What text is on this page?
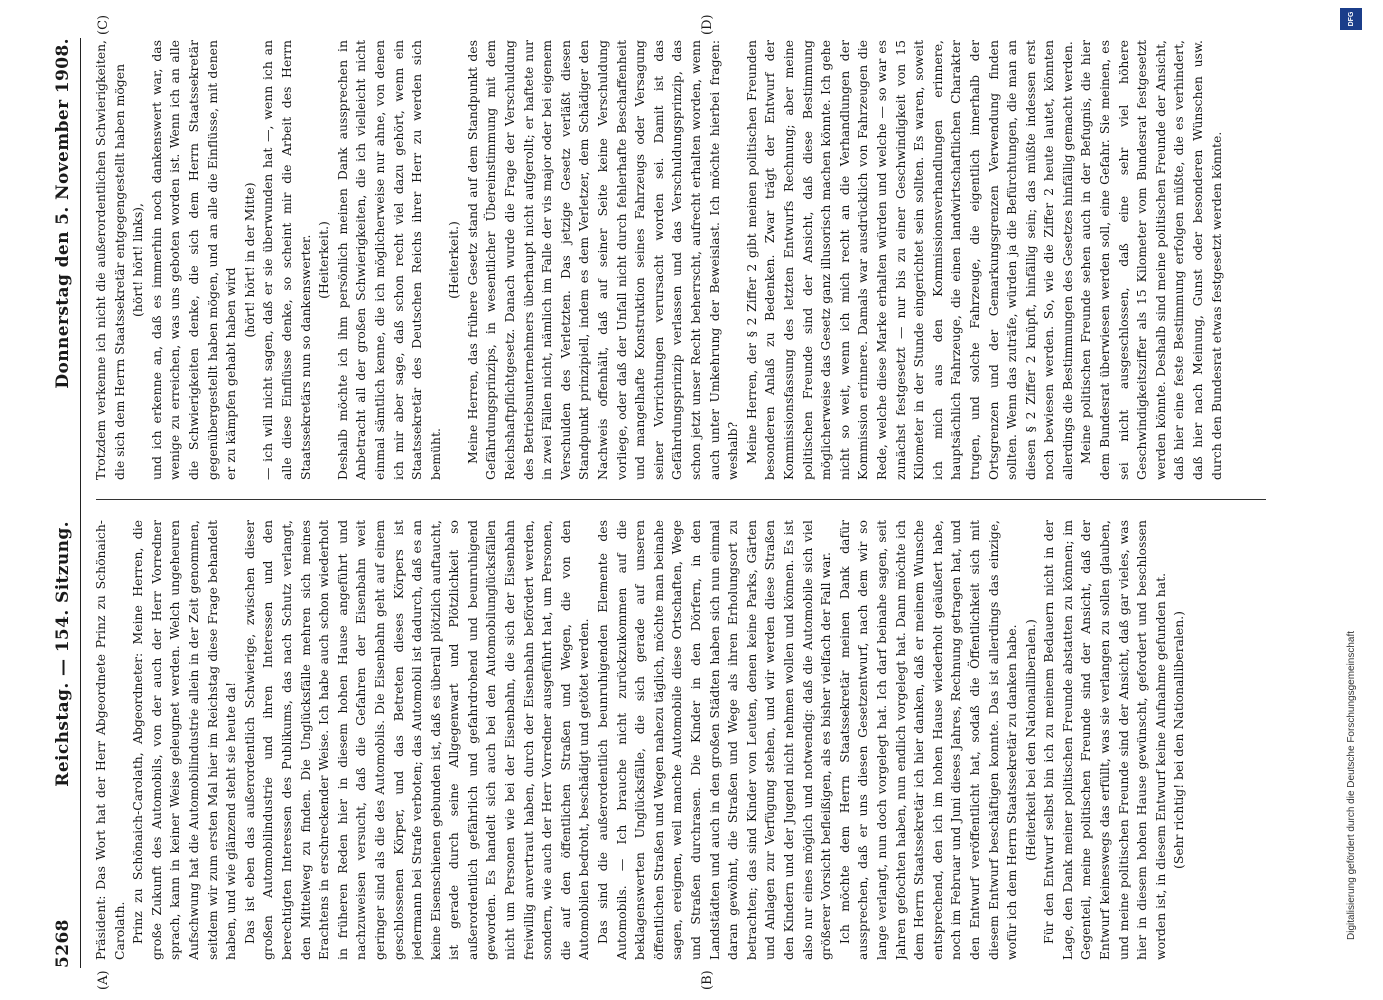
5268
Reichstag. — 154. Sitzung.
Donnerstag den 5. November 1908.
(A)	(B)
(C)	(D)

Präsident: Das Wort hat der Herr Abgeordnete Prinz zu Schönaich-Carolath. Prinz zu Schönaich-Carolath, Abgeordneter: Meine Herren, die große Zukunft des Automobils, von der auch der Herr Vorredner sprach, kann in keiner Weise geleugnet werden. Welch ungeheuren Aufschwung hat die Automobilindustrie allein in der Zeit genommen, seitdem wir zum ersten Mal hier im Reichstag diese Frage behandelt haben, und wie glänzend steht sie heute da! Das ist eben das außerordentlich Schwierige, zwischen dieser großen Automobilindustrie und ihren Interessen und den berechtigten Interessen des Publikums, das nach Schutz verlangt, den Mittelweg zu finden. Die Unglücksfälle mehren sich meines Erachtens in erschreckender Weise. Ich habe auch schon wiederholt in früheren Reden hier in diesem hohen Hause angeführt und nachzuweisen versucht, daß die Gefahren der Eisenbahn weit geringer sind als die des Automobils. Die Eisenbahn geht auf einem geschlossenen Körper, und das Betreten dieses Körpers ist jedermann bei Strafe verboten; das Automobil ist dadurch, daß es an keine Eisenschienen gebunden ist, daß es überall plötzlich auftaucht, ist gerade durch seine Allgegenwart und Plötzlichkeit so außerordentlich gefährlich und gefahrdrohend und beunruhigend geworden. Es handelt sich auch bei den Automobilunglücksfällen nicht um Personen wie bei der Eisenbahn, die sich der Eisenbahn freiwillig anvertraut haben, durch der Eisenbahn befördert werden, sondern, wie auch der Herr Vorredner ausgeführt hat, um Personen, die auf den öffentlichen Straßen und Wegen, die von den Automobilen bedroht, beschädigt und getötet werden. Das sind die außerordentlich beunruhigenden Elemente des Automobils. — Ich brauche nicht zurückzukommen auf die beklagenswerten Unglücksfälle, die sich gerade auf unseren öffentlichen Straßen und Wegen nahezu täglich, möchte man beinahe sagen, ereignen, weil manche Automobile diese Ortschaften, Wege und Straßen durchrasen. Die Kinder in den Dörfern, in den Landstädten und auch in den großen Städten haben sich nun einmal daran gewöhnt, die Straßen und Wege als ihren Erholungsort zu betrachten; das sind Kinder von Leuten, denen keine Parks, Gärten und Anlagen zur Verfügung stehen, und wir werden diese Straßen den Kindern und der Jugend nicht nehmen wollen und können. Es ist also nur eines möglich und notwendig: daß die Automobile sich viel größerer Vorsicht befleißigen, als es bisher vielfach der Fall war. Ich möchte dem Herrn Staatssekretär meinen Dank dafür aussprechen, daß er uns diesen Gesetzentwurf, nach dem wir so lange verlangt, nun doch vorgelegt hat. Ich darf beinahe sagen, seit Jahren gefochten haben, nun endlich vorgelegt hat. Dann möchte ich dem Herrn Staatssekretär ich hier danken, daß er meinem Wunsche entsprechend, den ich im hohen Hause wiederholt geäußert habe, noch im Februar und Juni dieses Jahres, Rechnung getragen hat, und den Entwurf veröffentlicht hat, sodaß die Öffentlichkeit sich mit diesem Entwurf beschäftigen konnte. Das ist allerdings das einzige, wofür ich dem Herrn Staatssekretär zu danken habe. (Heiterkeit bei den Nationalliberalen.) Für den Entwurf selbst bin ich zu meinem Bedauern nicht in der Lage, den Dank meiner politischen Freunde abstatten zu können; im Gegenteil, meine politischen Freunde sind der Ansicht, daß der Entwurf keineswegs das erfüllt, was sie verlangen zu sollen glauben, und meine politischen Freunde sind der Ansicht, daß gar vieles, was hier in diesem hohen Hause gewünscht, gefordert und beschlossen worden ist, in diesem Entwurf keine Aufnahme gefunden hat. (Sehr richtig! bei den Nationalliberalen.)

Trotzdem verkenne ich nicht die außerordentlichen Schwierigkeiten, die sich dem Herrn Staatssekretär entgegengestellt haben mögen (hört! hört! links), und ich erkenne an, daß es immerhin noch dankenswert war, das wenige zu erreichen, was uns geboten worden ist. Wenn ich an alle die Schwierigkeiten denke, die sich dem Herrn Staatssekretär gegenübergestellt haben mögen, und an alle die Einflüsse, mit denen er zu kämpfen gehabt haben wird

(hört! hört! in der Mitte) — ich will nicht sagen, daß er sie überwunden hat —, wenn ich an alle diese Einflüsse denke, so scheint mir die Arbeit des Herrn Staatssekretärs nun so dankenswerter. (Heiterkeit.) Deshalb möchte ich ihm persönlich meinen Dank aussprechen in Anbetracht all der großen Schwierigkeiten, die ich vielleicht nicht einmal sämtlich kenne, die ich möglicherweise nur ahne, von denen ich mir aber sage, daß schon recht viel dazu gehört, wenn ein Staatssekretär des Deutschen Reichs ihrer Herr zu werden sich bemüht.

(Heiterkeit.) Meine Herren, das frühere Gesetz stand auf dem Standpunkt des Gefährdungsprinzips, in wesentlicher Übereinstimmung mit dem Reichshaftpflichtgesetz. Danach wurde die Frage der Verschuldung des Betriebsunternehmers überhaupt nicht aufgerollt; er haftete nur in zwei Fällen nicht, nämlich im Falle der vis major oder bei eigenem Verschulden des Verletzten. Das jetzige Gesetz verläßt diesen Standpunkt prinzipiell, indem es dem Verletzer, dem Schädiger den Nachweis offenhält, daß auf seiner Seite keine Verschuldung vorliege, oder daß der Unfall nicht durch fehlerhafte Beschaffenheit und mangelhafte Konstruktion seines Fahrzeugs oder Versagung seiner Vorrichtungen verursacht worden sei. Damit ist das Gefährdungsprinzip verlassen und das Verschuldungsprinzip, das schon jetzt unser Recht beherrscht, aufrecht erhalten worden, wenn auch unter Umkehrung der Beweislast. Ich möchte hierbei fragen: weshalb? Meine Herren, der § 2 Ziffer 2 gibt meinen politischen Freunden besonderen Anlaß zu Bedenken. Zwar trägt der Entwurf der Kommissionsfassung des letzten Entwurfs Rechnung; aber meine politischen Freunde sind der Ansicht, daß diese Bestimmung möglicherweise das Gesetz ganz illusorisch machen könnte. Ich gehe nicht so weit, wenn ich mich recht an die Verhandlungen der Kommission erinnere. Damals war ausdrücklich von Fahrzeugen die Rede, welche diese Marke erhalten würden und welche — so war es zunächst festgesetzt — nur bis zu einer Geschwindigkeit von 15 Kilometer in der Stunde eingerichtet sein sollten. Es waren, soweit ich mich aus den Kommissionsverhandlungen erinnere, hauptsächlich Fahrzeuge, die einen landwirtschaftlichen Charakter trugen, und solche Fahrzeuge, die eigentlich innerhalb der Ortsgrenzen und der Gemarkungsgrenzen Verwendung finden sollten. Wenn das zuträfe, würden ja die Befürchtungen, die man an diesen § 2 Ziffer 2 knüpft, hinfällig sein; das müßte indessen erst noch bewiesen werden. So, wie die Ziffer 2 heute lautet, könnten allerdings die Bestimmungen des Gesetzes hinfällig gemacht werden. Meine politischen Freunde sehen auch in der Befugnis, die hier dem Bundesrat überwiesen werden soll, eine Gefahr. Sie meinen, es sei nicht ausgeschlossen, daß eine sehr viel höhere Geschwindigkeitsziffer als 15 Kilometer vom Bundesrat festgesetzt werden könnte. Deshalb sind meine politischen Freunde der Ansicht, daß hier eine feste Bestimmung erfolgen müßte, die es verhindert, daß hier nach Meinung, Gunst oder besonderen Wünschen usw. durch den Bundesrat etwas festgesetzt werden könnte.

Digitalisierung gefördert durch die Deutsche Forschungsgemeinschaft
DFG
